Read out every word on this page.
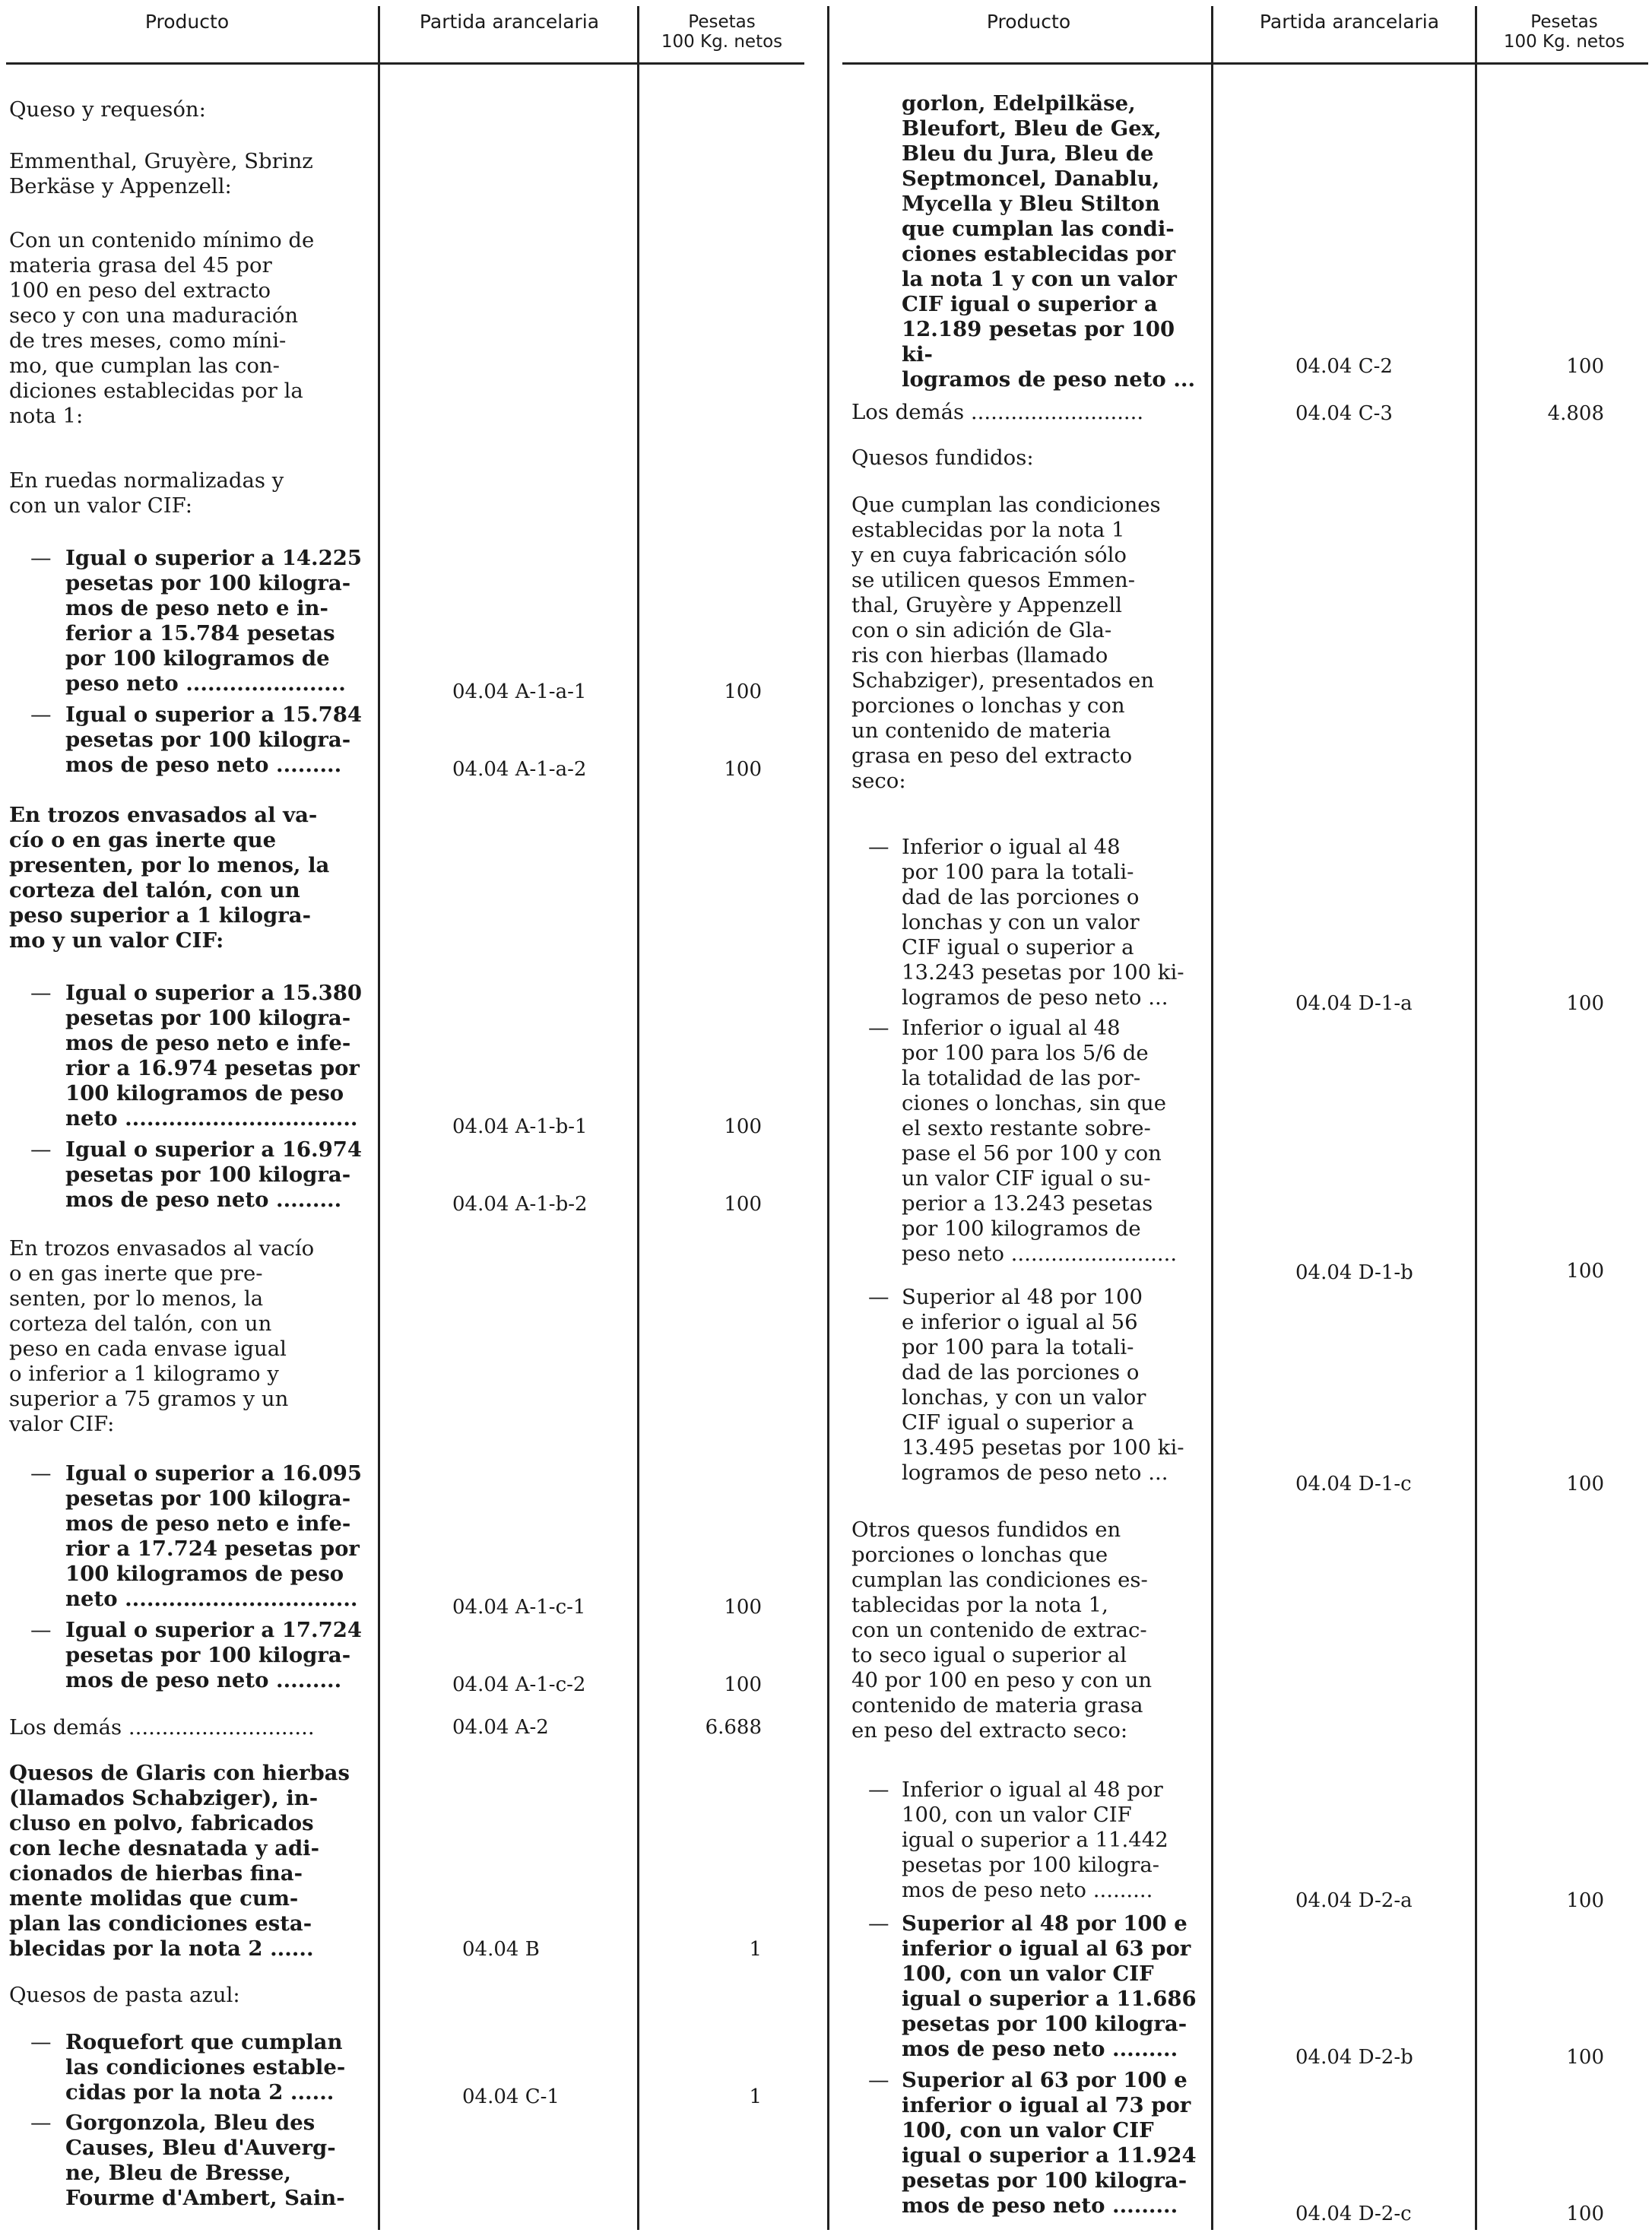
Producto	Partida arancelaria	Pesetas
100 Kg. netos
Queso y requesón:
Emmenthal, Gruyère, Sbrinz
Berkäse y Appenzell:
Con un contenido mínimo de
materia grasa del 45 por
100 en peso del extracto
seco y con una maduración
de tres meses, como míni-
mo, que cumplan las con-
diciones establecidas por la
nota 1:
En ruedas normalizadas y
con un valor CIF:
— Igual o superior a 14.225
pesetas por 100 kilogra-
mos de peso neto e in-
ferior a 15.784 pesetas
por 100 kilogramos de
peso neto ......................	04.04 A-1-a-1	100
— Igual o superior a 15.784
pesetas por 100 kilogra-
mos de peso neto .........	04.04 A-1-a-2	100
En trozos envasados al va-
cío o en gas inerte que
presenten, por lo menos, la
corteza del talón, con un
peso superior a 1 kilogra-
mo y un valor CIF:
— Igual o superior a 15.380
pesetas por 100 kilogra-
mos de peso neto e infe-
rior a 16.974 pesetas por
100 kilogramos de peso
neto ................................	04.04 A-1-b-1	100
— Igual o superior a 16.974
pesetas por 100 kilogra-
mos de peso neto .........	04.04 A-1-b-2	100
En trozos envasados al vacío
o en gas inerte que pre-
senten, por lo menos, la
corteza del talón, con un
peso en cada envase igual
o inferior a 1 kilogramo y
superior a 75 gramos y un
valor CIF:
— Igual o superior a 16.095
pesetas por 100 kilogra-
mos de peso neto e infe-
rior a 17.724 pesetas por
100 kilogramos de peso
neto ................................	04.04 A-1-c-1	100
— Igual o superior a 17.724
pesetas por 100 kilogra-
mos de peso neto .........	04.04 A-1-c-2	100
Los demás ............................	04.04 A-2	6.688
Quesos de Glaris con hierbas
(llamados Schabziger), in-
cluso en polvo, fabricados
con leche desnatada y adi-
cionados de hierbas fina-
mente molidas que cum-
plan las condiciones esta-
blecidas por la nota 2 ......	04.04 B	1
Quesos de pasta azul:
— Roquefort que cumplan
las condiciones estable-
cidas por la nota 2 ......	04.04 C-1	1
— Gorgonzola, Bleu des
Causes, Bleu d'Auverg-
ne, Bleu de Bresse,
Fourme d'Ambert, Sain-
Producto	Partida arancelaria	Pesetas
100 Kg. netos
gorlon, Edelpilkäse,
Bleufort, Bleu de Gex,
Bleu du Jura, Bleu de
Septmoncel, Danablu,
Mycella y Bleu Stilton
que cumplan las condi-
ciones establecidas por
la nota 1 y con un valor
CIF igual o superior a
12.189 pesetas por 100 ki-
logramos de peso neto ...
04.04 C-2	100
Los demás ..........................	04.04 C-3	4.808
Quesos fundidos:
Que cumplan las condiciones
establecidas por la nota 1
y en cuya fabricación sólo
se utilicen quesos Emmen-
thal, Gruyère y Appenzell
con o sin adición de Gla-
ris con hierbas (llamado
Schabziger), presentados en
porciones o lonchas y con
un contenido de materia
grasa en peso del extracto
seco:
— Inferior o igual al 48
por 100 para la totali-
dad de las porciones o
lonchas y con un valor
CIF igual o superior a
13.243 pesetas por 100 ki-
logramos de peso neto ...	04.04 D-1-a	100
— Inferior o igual al 48
por 100 para los 5/6 de
la totalidad de las por-
ciones o lonchas, sin que
el sexto restante sobre-
pase el 56 por 100 y con
un valor CIF igual o su-
perior a 13.243 pesetas
por 100 kilogramos de
peso neto .........................
04.04 D-1-b	100
— Superior al 48 por 100
e inferior o igual al 56
por 100 para la totali-
dad de las porciones o
lonchas, y con un valor
CIF igual o superior a
13.495 pesetas por 100 ki-
logramos de peso neto ...	04.04 D-1-c	100
Otros quesos fundidos en
porciones o lonchas que
cumplan las condiciones es-
tablecidas por la nota 1,
con un contenido de extrac-
to seco igual o superior al
40 por 100 en peso y con un
contenido de materia grasa
en peso del extracto seco:
— Inferior o igual al 48 por
100, con un valor CIF
igual o superior a 11.442
pesetas por 100 kilogra-
mos de peso neto .........	04.04 D-2-a	100
— Superior al 48 por 100 e
inferior o igual al 63 por
100, con un valor CIF
igual o superior a 11.686
pesetas por 100 kilogra-
mos de peso neto .........	04.04 D-2-b	100
— Superior al 63 por 100 e
inferior o igual al 73 por
100, con un valor CIF
igual o superior a 11.924
pesetas por 100 kilogra-
mos de peso neto .........	04.04 D-2-c	100
